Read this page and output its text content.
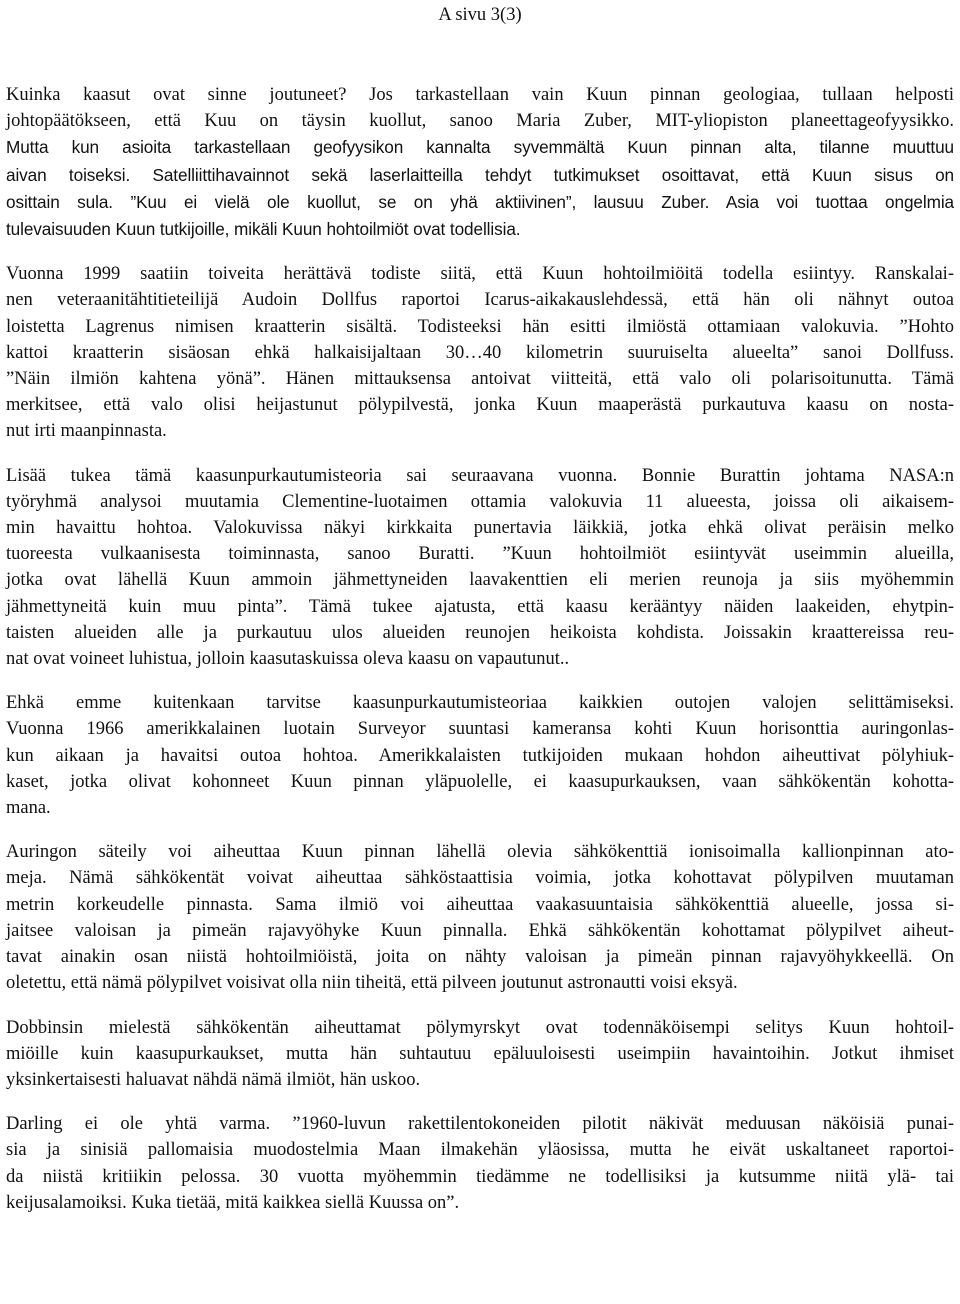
A sivu 3(3)

Kuinka kaasut ovat sinne joutuneet? Jos tarkastellaan vain Kuun pinnan geologiaa, tullaan helposti
johtopäätökseen, että Kuu on täysin kuollut, sanoo Maria Zuber, MIT-yliopiston planeettageofyysikko.
Mutta kun asioita tarkastellaan geofyysikon kannalta syvemmältä Kuun pinnan alta, tilanne muuttuu
aivan toiseksi. Satelliittihavainnot sekä laserlaitteilla tehdyt tutkimukset osoittavat, että Kuun sisus on
osittain sula. ”Kuu ei vielä ole kuollut, se on yhä aktiivinen”, lausuu Zuber. Asia voi tuottaa ongelmia
tulevaisuuden Kuun tutkijoille, mikäli Kuun hohtoilmiöt ovat todellisia.

Vuonna 1999 saatiin toiveita herättävä todiste siitä, että Kuun hohtoilmiöitä todella esiintyy. Ranskalai-
nen veteraanitähtitieteilijä Audoin Dollfus raportoi Icarus-aikakauslehdessä, että hän oli nähnyt outoa
loistetta Lagrenus nimisen kraatterin sisältä. Todisteeksi hän esitti ilmiöstä ottamiaan valokuvia. ”Hohto
kattoi kraatterin sisäosan ehkä halkaisijaltaan 30…40 kilometrin suuruiselta alueelta” sanoi Dollfuss.
”Näin ilmiön kahtena yönä”. Hänen mittauksensa antoivat viitteitä, että valo oli polarisoitunutta. Tämä
merkitsee, että valo olisi heijastunut pölypilvestä, jonka Kuun maaperästä purkautuva kaasu on nosta-
nut irti maanpinnasta.

Lisää tukea tämä kaasunpurkautumisteoria sai seuraavana vuonna. Bonnie Burattin johtama NASA:n
työryhmä analysoi muutamia Clementine-luotaimen ottamia valokuvia 11 alueesta, joissa oli aikaisem-
min havaittu hohtoa. Valokuvissa näkyi kirkkaita punertavia läikkiä, jotka ehkä olivat peräisin melko
tuoreesta vulkaanisesta toiminnasta, sanoo Buratti. ”Kuun hohtoilmiöt esiintyvät useimmin alueilla,
jotka ovat lähellä Kuun ammoin jähmettyneiden laavakenttien eli merien reunoja ja siis myöhemmin
jähmettyneitä kuin muu pinta”. Tämä tukee ajatusta, että kaasu kerääntyy näiden laakeiden, ehytpin-
taisten alueiden alle ja purkautuu ulos alueiden reunojen heikoista kohdista. Joissakin kraattereissa reu-
nat ovat voineet luhistua, jolloin kaasutaskuissa oleva kaasu on vapautunut..

Ehkä emme kuitenkaan tarvitse kaasunpurkautumisteoriaa kaikkien outojen valojen selittämiseksi.
Vuonna 1966 amerikkalainen luotain Surveyor suuntasi kameransa kohti Kuun horisonttia auringonlas-
kun aikaan ja havaitsi outoa hohtoa. Amerikkalaisten tutkijoiden mukaan hohdon aiheuttivat pölyhiuk-
kaset, jotka olivat kohonneet Kuun pinnan yläpuolelle, ei kaasupurkauksen, vaan sähkökentän kohotta-
mana.

Auringon säteily voi aiheuttaa Kuun pinnan lähellä olevia sähkökenttiä ionisoimalla kallionpinnan ato-
meja. Nämä sähkökentät voivat aiheuttaa sähköstaattisia voimia, jotka kohottavat pölypilven muutaman
metrin korkeudelle pinnasta. Sama ilmiö voi aiheuttaa vaakasuuntaisia sähkökenttiä alueelle, jossa si-
jaitsee valoisan ja pimeän rajavyöhyke Kuun pinnalla. Ehkä sähkökentän kohottamat pölypilvet aiheut-
tavat ainakin osan niistä hohtoilmiöistä, joita on nähty valoisan ja pimeän pinnan rajavyöhykkeellä. On
oletettu, että nämä pölypilvet voisivat olla niin tiheitä, että pilveen joutunut astronautti voisi eksyä.

Dobbinsin mielestä sähkökentän aiheuttamat pölymyrskyt ovat todennäköisempi selitys Kuun hohtoil-
miöille kuin kaasupurkaukset, mutta hän suhtautuu epäluuloisesti useimpiin havaintoihin. Jotkut ihmiset
yksinkertaisesti haluavat nähdä nämä ilmiöt, hän uskoo.

Darling ei ole yhtä varma. ”1960-luvun rakettilentokoneiden pilotit näkivät meduusan näköisiä punai-
sia ja sinisiä pallomaisia muodostelmia Maan ilmakehän yläosissa, mutta he eivät uskaltaneet raportoi-
da niistä kritiikin pelossa. 30 vuotta myöhemmin tiedämme ne todellisiksi ja kutsumme niitä ylä- tai
keijusalamoiksi. Kuka tietää, mitä kaikkea siellä Kuussa on”.
